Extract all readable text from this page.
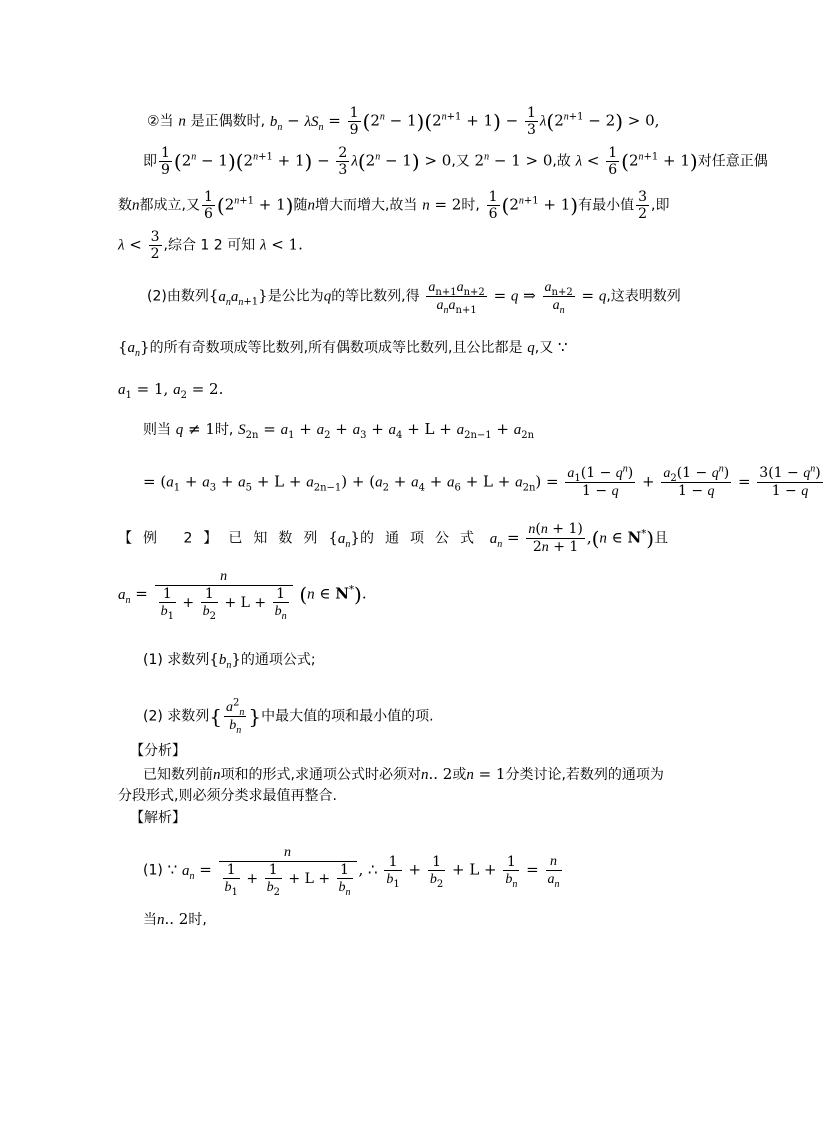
②当 n 是正偶数时, $b_n - \lambda S_n = \frac{1}{9} (2^n - 1)(2^{n+1} + 1) - \frac{1}{3} \lambda(2^{n+1} - 2) > 0$,
即 $\frac{1}{9} (2^n - 1)(2^{n+1} + 1) - \frac{2}{3} \lambda(2^n - 1) > 0$,又 $2^n - 1 > 0$,故 $\lambda < \frac{1}{6} (2^{n+1} + 1)$对任意正偶
数n都成立,又 $\frac{1}{6} (2^{n+1} + 1)$随n增大而增大,故当 n = 2时, $\frac{1}{6} (2^{n+1} + 1)$有最小值 $\frac{3}{2}$ ,即
$\lambda < \frac{3}{2}$ ,综合 1 2 可知 λ < 1.
(2)由数列$\{a_na_{n+1}\}$是公比为q的等比数列,得 $\frac{a_{n+1}a_{n+2}}{a_na_{n+1}} = q$ ⇒ $\frac{a_{n+2}}{a_n} = q$,这表明数列
$\{a_n\}$的所有奇数项成等比数列,所有偶数项成等比数列,且公比都是 q,又 ∵
$a_1 = 1$, $a_2 = 2$.
则当 q ≠ 1时, $S_{2n} = a_1 + a_2 + a_3 + a_4 + L + a_{2n-1} + a_{2n}$
= $(a_1 + a_3 + a_5 + L + a_{2n-1}) + (a_2 + a_4 + a_6 + L + a_{2n}) = \frac{a_1(1 - q^n)}{1 - q} + \frac{a_2(1 - q^n)}{1 - q} = \frac{3(1 - q^n)}{1 - q}$
【例 2】已知数列$\{a_n\}$的通项公式 $a_n = \frac{n(n + 1)}{2n + 1} ,(n$ ∈ N*)且
$a_n = \frac{n}{\frac{1}{b_1} + \frac{1}{b_2} + L + \frac{1}{b_n}} (n$ ∈ N*).
(1) 求数列$\{b_n\}$的通项公式;
(2) 求数列{ $\frac{a^2_n}{b_n}$ }中最大值的项和最小值的项.
【分析】
已知数列前n项和的形式,求通项公式时必须对n.. 2或n = 1分类讨论,若数列的通项为
分段形式,则必须分类求最值再整合.
【解析】
(1) ∵ $a_n = \frac{n}{\frac{1}{b_1} + \frac{1}{b_2} + L + \frac{1}{b_n}}$ , ∴ $\frac{1}{b_1} + \frac{1}{b_2} + L + \frac{1}{b_n} = \frac{n}{a_n}$
当n.. 2时,
